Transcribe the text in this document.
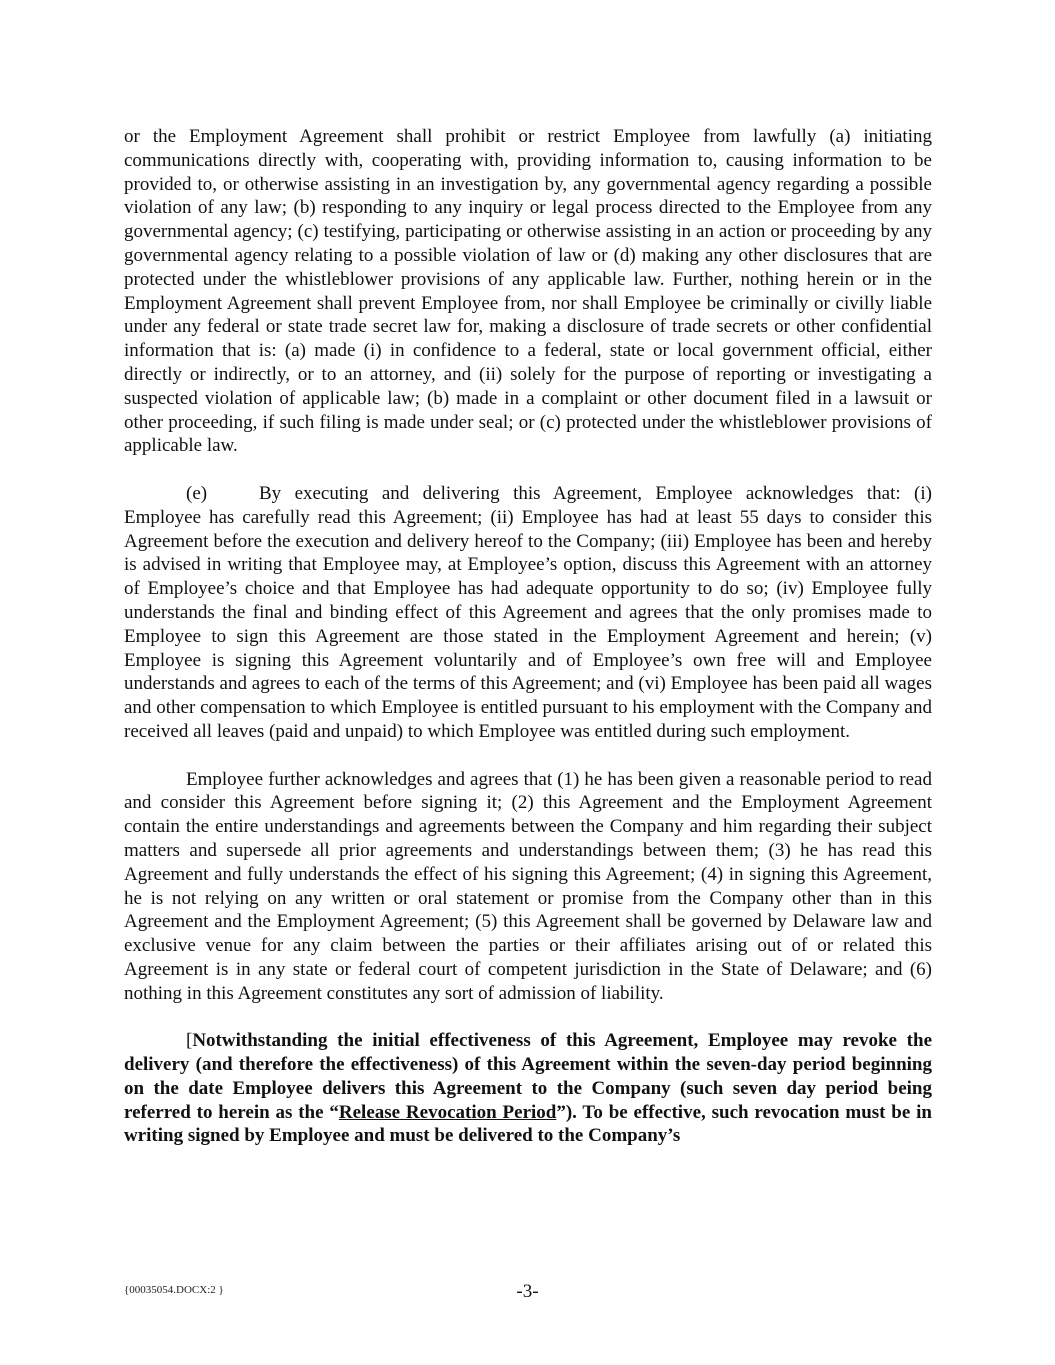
or the Employment Agreement shall prohibit or restrict Employee from lawfully (a) initiating communications directly with, cooperating with, providing information to, causing information to be provided to, or otherwise assisting in an investigation by, any governmental agency regarding a possible violation of any law; (b) responding to any inquiry or legal process directed to the Employee from any governmental agency; (c) testifying, participating or otherwise assisting in an action or proceeding by any governmental agency relating to a possible violation of law or (d) making any other disclosures that are protected under the whistleblower provisions of any applicable law. Further, nothing herein or in the Employment Agreement shall prevent Employee from, nor shall Employee be criminally or civilly liable under any federal or state trade secret law for, making a disclosure of trade secrets or other confidential information that is: (a) made (i) in confidence to a federal, state or local government official, either directly or indirectly, or to an attorney, and (ii) solely for the purpose of reporting or investigating a suspected violation of applicable law; (b) made in a complaint or other document filed in a lawsuit or other proceeding, if such filing is made under seal; or (c) protected under the whistleblower provisions of applicable law.

(e)	By executing and delivering this Agreement, Employee acknowledges that: (i) Employee has carefully read this Agreement; (ii) Employee has had at least 55 days to consider this Agreement before the execution and delivery hereof to the Company; (iii) Employee has been and hereby is advised in writing that Employee may, at Employee’s option, discuss this Agreement with an attorney of Employee’s choice and that Employee has had adequate opportunity to do so; (iv) Employee fully understands the final and binding effect of this Agreement and agrees that the only promises made to Employee to sign this Agreement are those stated in the Employment Agreement and herein; (v) Employee is signing this Agreement voluntarily and of Employee’s own free will and Employee understands and agrees to each of the terms of this Agreement; and (vi) Employee has been paid all wages and other compensation to which Employee is entitled pursuant to his employment with the Company and received all leaves (paid and unpaid) to which Employee was entitled during such employment.

Employee further acknowledges and agrees that (1) he has been given a reasonable period to read and consider this Agreement before signing it; (2) this Agreement and the Employment Agreement contain the entire understandings and agreements between the Company and him regarding their subject matters and supersede all prior agreements and understandings between them; (3) he has read this Agreement and fully understands the effect of his signing this Agreement; (4) in signing this Agreement, he is not relying on any written or oral statement or promise from the Company other than in this Agreement and the Employment Agreement; (5) this Agreement shall be governed by Delaware law and exclusive venue for any claim between the parties or their affiliates arising out of or related this Agreement is in any state or federal court of competent jurisdiction in the State of Delaware; and (6) nothing in this Agreement constitutes any sort of admission of liability.

[Notwithstanding the initial effectiveness of this Agreement, Employee may revoke the delivery (and therefore the effectiveness) of this Agreement within the seven-day period beginning on the date Employee delivers this Agreement to the Company (such seven day period being referred to herein as the “Release Revocation Period”). To be effective, such revocation must be in writing signed by Employee and must be delivered to the Company’s

{00035054.DOCX:2 }	-3-
